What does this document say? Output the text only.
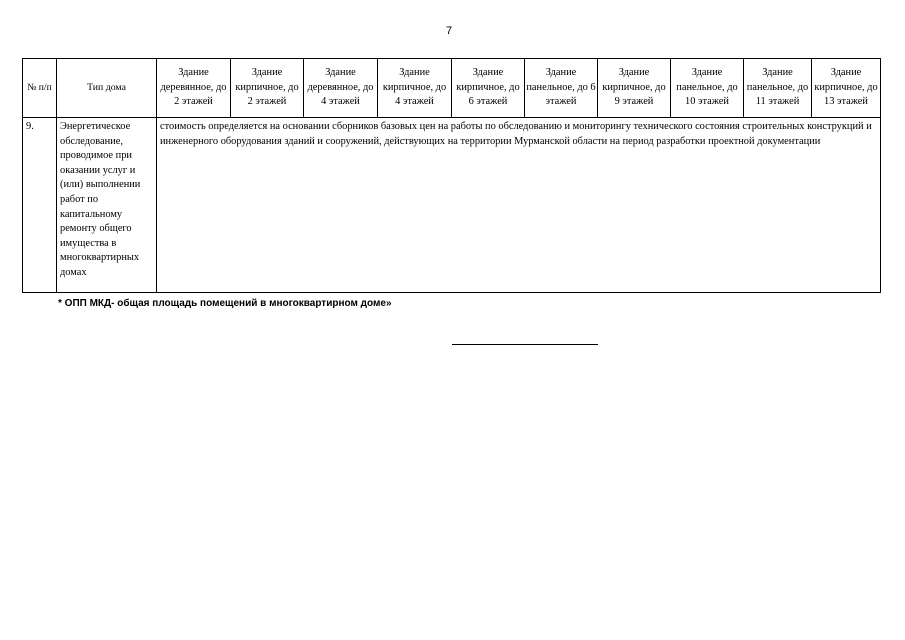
7
№ п/п	Тип дома	Здание деревянное, до 2 этажей	Здание кирпичное, до 2 этажей	Здание деревянное, до 4 этажей	Здание кирпичное, до 4 этажей	Здание кирпичное, до 6 этажей	Здание панельное, до 6 этажей	Здание кирпичное, до 9 этажей	Здание панельное, до 10 этажей	Здание панельное, до 11 этажей	Здание кирпичное, до 13 этажей
9.	Энергетическое обследование, проводимое при оказании услуг и (или) выполнении работ по капитальному ремонту общего имущества в многоквартирных домах	стоимость определяется на основании сборников базовых цен на работы по обследованию и мониторингу технического состояния строительных конструкций и инженерного оборудования зданий и сооружений, действующих на территории Мурманской области на период разработки проектной документации									
* ОПП МКД- общая площадь помещений в многоквартирном доме»
